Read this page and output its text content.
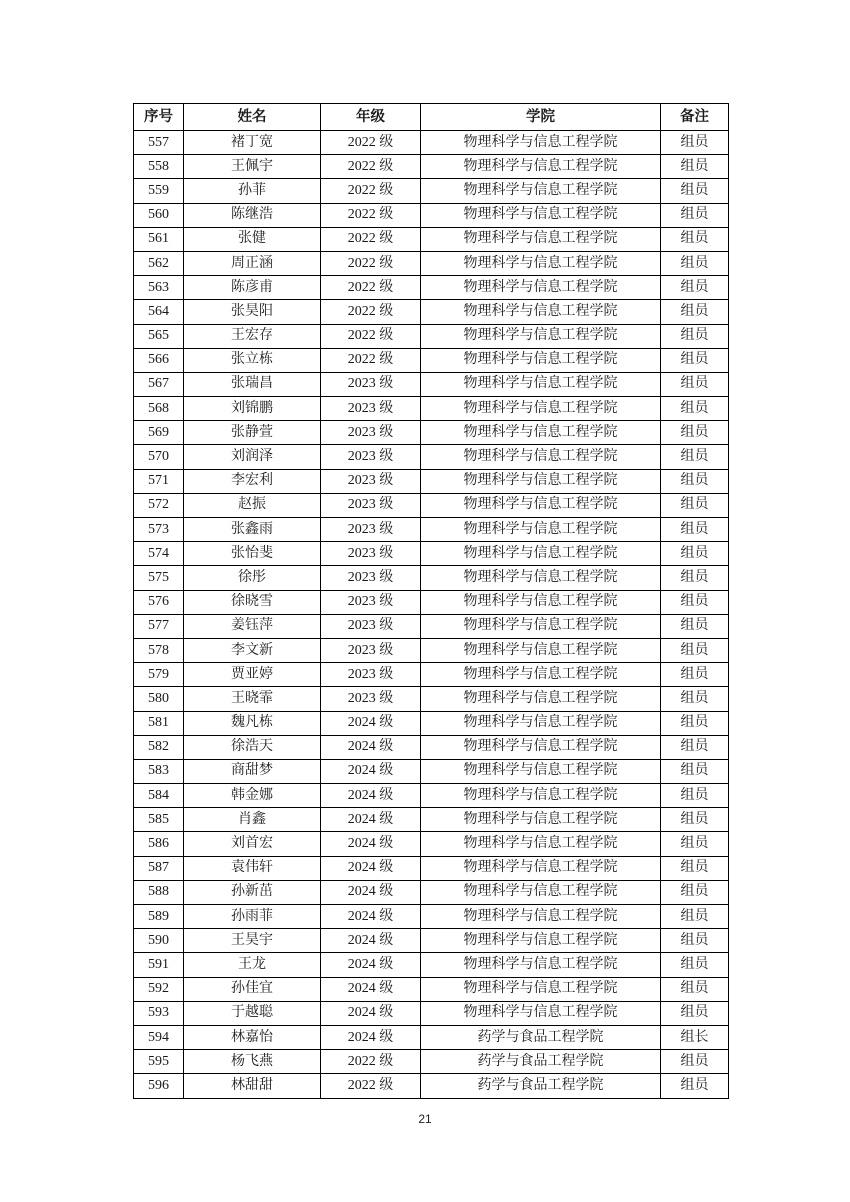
序号	姓名	年级	学院	备注
557	褚丁宽	2022 级	物理科学与信息工程学院	组员
558	王佩宇	2022 级	物理科学与信息工程学院	组员
559	孙菲	2022 级	物理科学与信息工程学院	组员
560	陈继浩	2022 级	物理科学与信息工程学院	组员
561	张健	2022 级	物理科学与信息工程学院	组员
562	周正涵	2022 级	物理科学与信息工程学院	组员
563	陈彦甫	2022 级	物理科学与信息工程学院	组员
564	张昊阳	2022 级	物理科学与信息工程学院	组员
565	王宏存	2022 级	物理科学与信息工程学院	组员
566	张立栋	2022 级	物理科学与信息工程学院	组员
567	张瑞昌	2023 级	物理科学与信息工程学院	组员
568	刘锦鹏	2023 级	物理科学与信息工程学院	组员
569	张静萱	2023 级	物理科学与信息工程学院	组员
570	刘润泽	2023 级	物理科学与信息工程学院	组员
571	李宏利	2023 级	物理科学与信息工程学院	组员
572	赵振	2023 级	物理科学与信息工程学院	组员
573	张鑫雨	2023 级	物理科学与信息工程学院	组员
574	张怡斐	2023 级	物理科学与信息工程学院	组员
575	徐彤	2023 级	物理科学与信息工程学院	组员
576	徐晓雪	2023 级	物理科学与信息工程学院	组员
577	姜钰萍	2023 级	物理科学与信息工程学院	组员
578	李文新	2023 级	物理科学与信息工程学院	组员
579	贾亚婷	2023 级	物理科学与信息工程学院	组员
580	王晓霏	2023 级	物理科学与信息工程学院	组员
581	魏凡栋	2024 级	物理科学与信息工程学院	组员
582	徐浩天	2024 级	物理科学与信息工程学院	组员
583	商甜梦	2024 级	物理科学与信息工程学院	组员
584	韩金娜	2024 级	物理科学与信息工程学院	组员
585	肖鑫	2024 级	物理科学与信息工程学院	组员
586	刘首宏	2024 级	物理科学与信息工程学院	组员
587	袁伟轩	2024 级	物理科学与信息工程学院	组员
588	孙新茁	2024 级	物理科学与信息工程学院	组员
589	孙雨菲	2024 级	物理科学与信息工程学院	组员
590	王昊宇	2024 级	物理科学与信息工程学院	组员
591	王龙	2024 级	物理科学与信息工程学院	组员
592	孙佳宜	2024 级	物理科学与信息工程学院	组员
593	于越聪	2024 级	物理科学与信息工程学院	组员
594	林嘉怡	2024 级	药学与食品工程学院	组长
595	杨飞燕	2022 级	药学与食品工程学院	组员
596	林甜甜	2022 级	药学与食品工程学院	组员
21
